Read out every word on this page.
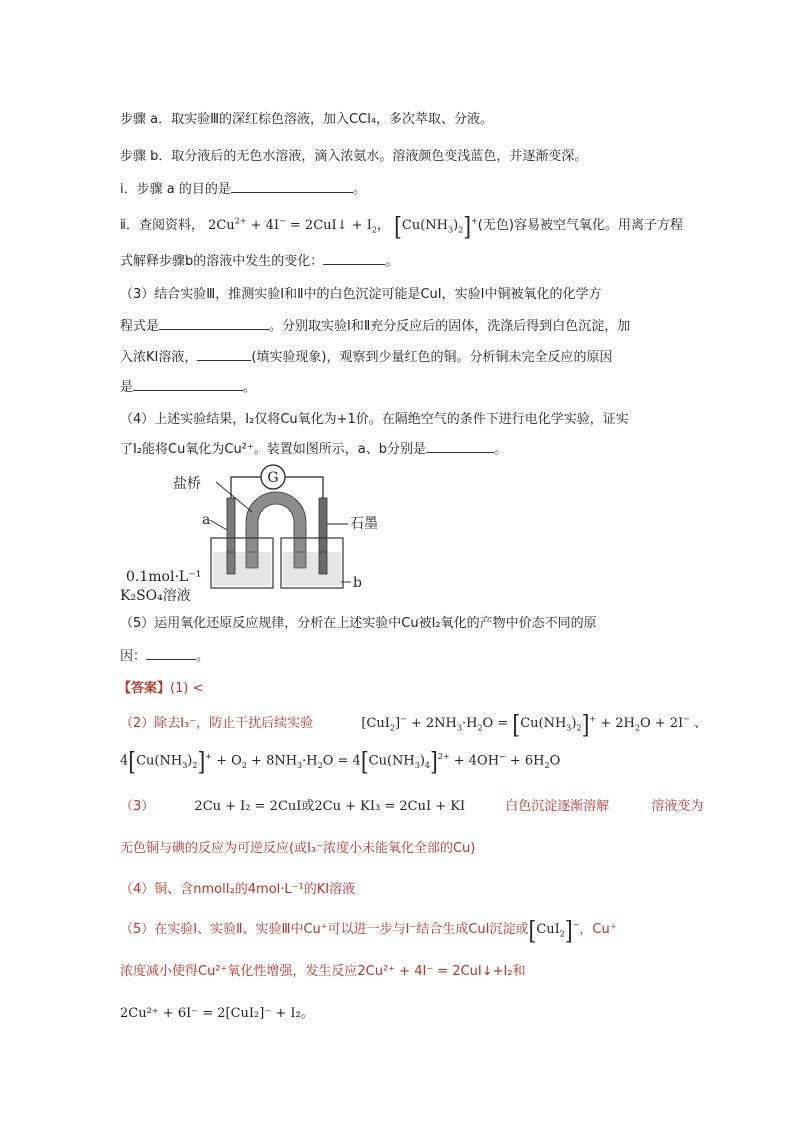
步骤 a．取实验Ⅲ的深红棕色溶液，加入CCl₄，多次萃取、分液。
步骤 b．取分液后的无色水溶液，滴入浓氨水。溶液颜色变浅蓝色，并逐渐变深。
ⅰ．步骤 a 的目的是	。
ⅱ．查阅资料， $2Cu^{2+} + 4I^-$ = 2CuI↓ + $I_2$， $[Cu(NH_3)_2]^+$(无色)容易被空气氧化。用离子方程
式解释步骤b的溶液中发生的变化：	。
（3）结合实验Ⅲ，推测实验Ⅰ和Ⅱ中的白色沉淀可能是CuI，实验Ⅰ中铜被氧化的化学方
程式是	。分别取实验Ⅰ和Ⅱ充分反应后的固体，洗涤后得到白色沉淀，加
入浓KI溶液，	(填实验现象)，观察到少量红色的铜。分析铜未完全反应的原因
是	。
（4）上述实验结果，I₂仅将Cu氧化为+1价。在隔绝空气的条件下进行电化学实验，证实
了I₂能将Cu氧化为Cu²⁺。装置如图所示，a、b分别是	。
G
盐桥
a	石墨
b
0.1mol·L⁻¹
K₂SO₄溶液
（5）运用氧化还原反应规律，分析在上述实验中Cu被I₂氧化的产物中价态不同的原
因：	。
【答案】(1) <
（2）除去I₃⁻，防止干扰后续实验	$[CuI_2]^- + 2NH_3\cdot H_2O = [Cu(NH_3)_2]^+ + 2H_2O + 2I^-$ 、
$4[Cu(NH_3)_2]^+ + O_2 + 8NH_3\cdot H_2O = 4[Cu(NH_3)_4]^{2+} + 4OH^- + 6H_2O$
（3）	2Cu + I₂ = 2CuI或2Cu + KI₃ = 2CuI + KI	白色沉淀逐渐溶解	溶液变为
无色铜与碘的反应为可逆反应(或I₃⁻浓度小未能氧化全部的Cu)
（4）铜、含nmolI₂的4mol·L⁻¹的KI溶液
（5）在实验Ⅰ、实验Ⅱ、实验Ⅲ中Cu⁺可以进一步与I⁻结合生成CuI沉淀或[CuI$_2$]−，Cu⁺
浓度减小使得Cu²⁺氧化性增强，发生反应2Cu²⁺ + 4I⁻ = 2CuI↓+I₂和
2Cu²⁺ + 6I⁻ = 2[CuI₂]⁻ + I₂。
